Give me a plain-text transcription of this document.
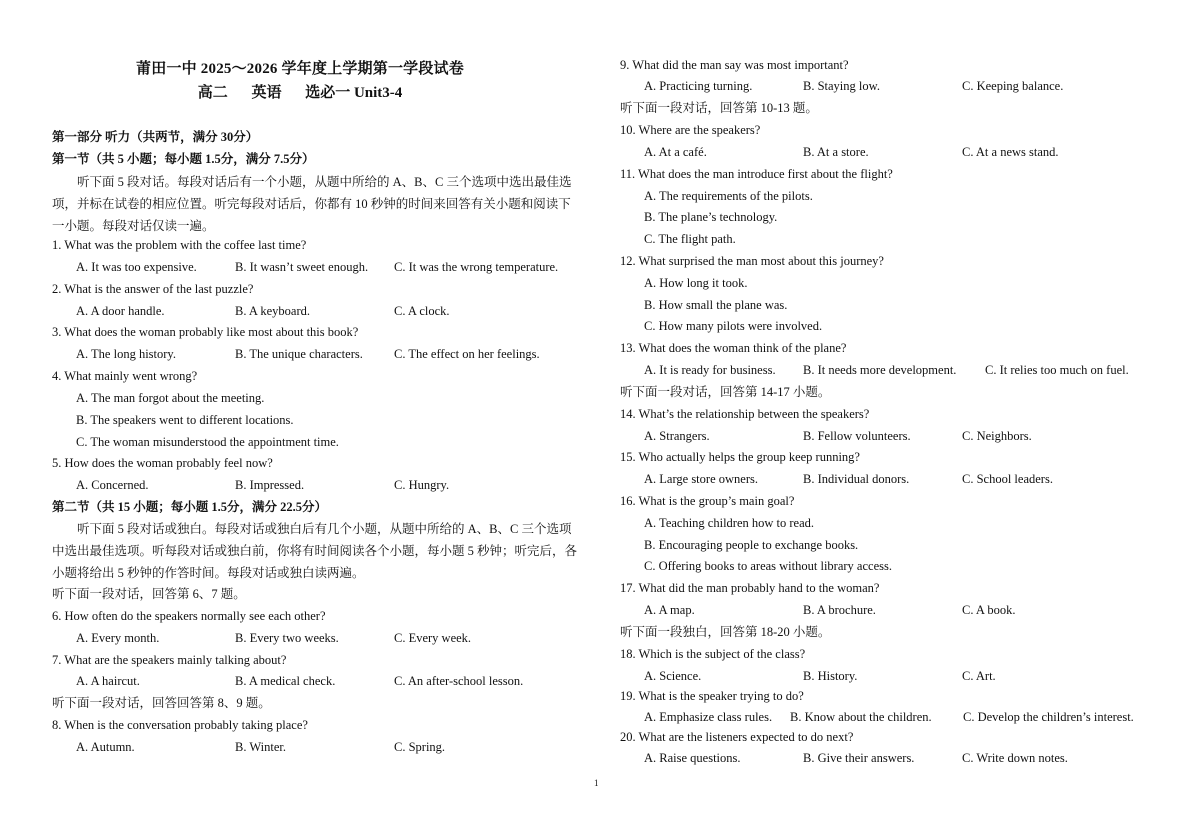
莆田一中 2025～2026 学年度上学期第一学段试卷
高二 英语 选必一 Unit3-4
第一部分 听力（共两节，满分 30分）
第一节（共 5 小题；每小题 1.5分，满分 7.5分）
听下面 5 段对话。每段对话后有一个小题，从题中所给的 A、B、C 三个选项中选出最佳选项，并标在试卷的相应位置。听完每段对话后，你都有 10 秒钟的时间来回答有关小题和阅读下一小题。每段对话仅读一遍。
1. What was the problem with the coffee last time?
A. It was too expensive.	B. It wasn’t sweet enough. C. It was the wrong temperature.
2. What is the answer of the last puzzle?
A. A door handle.	B. A keyboard.	C. A clock.
3. What does the woman probably like most about this book?
A. The long history.	B. The unique characters. C. The effect on her feelings.
4. What mainly went wrong?
A. The man forgot about the meeting.
B. The speakers went to different locations.
C. The woman misunderstood the appointment time.
5. How does the woman probably feel now?
A. Concerned.	B. Impressed.	C. Hungry.
第二节（共 15 小题；每小题 1.5分，满分 22.5分）
听下面 5 段对话或独白。每段对话或独白后有几个小题，从题中所给的 A、B、C 三个选项中选出最佳选项。听每段对话或独白前，你将有时间阅读各个小题，每小题 5 秒钟；听完后，各小题将给出 5 秒钟的作答时间。每段对话或独白读两遍。
听下面一段对话，回答第 6、7 题。
6. How often do the speakers normally see each other?
A. Every month.	B. Every two weeks.	C. Every week.
7. What are the speakers mainly talking about?
A. A haircut.	B. A medical check.	C. An after-school lesson.
听下面一段对话，回答回答第 8、9 题。
8. When is the conversation probably taking place?
A. Autumn.	B. Winter.	C. Spring.
9. What did the man say was most important?
A. Practicing turning.	B. Staying low.	C. Keeping balance.
听下面一段对话，回答第 10-13 题。
10. Where are the speakers?
A. At a café.	B. At a store.	C. At a news stand.
11. What does the man introduce first about the flight?
A. The requirements of the pilots.
B. The plane’s technology.
C. The flight path.
12. What surprised the man most about this journey?
A. How long it took.
B. How small the plane was.
C. How many pilots were involved.
13. What does the woman think of the plane?
A. It is ready for business. B. It needs more development. C. It relies too much on fuel.
听下面一段对话，回答第 14-17 小题。
14. What’s the relationship between the speakers?
A. Strangers.	B. Fellow volunteers.	C. Neighbors.
15. Who actually helps the group keep running?
A. Large store owners.	B. Individual donors.	C. School leaders.
16. What is the group’s main goal?
A. Teaching children how to read.
B. Encouraging people to exchange books.
C. Offering books to areas without library access.
17. What did the man probably hand to the woman?
A. A map.	B. A brochure.	C. A book.
听下面一段独白，回答第 18-20 小题。
18. Which is the subject of the class?
A. Science.	B. History.	C. Art.
19. What is the speaker trying to do?
A. Emphasize class rules. B. Know about the children.	C. Develop the children’s interest.
20. What are the listeners expected to do next?
A. Raise questions.	B. Give their answers.	C. Write down notes.
1
